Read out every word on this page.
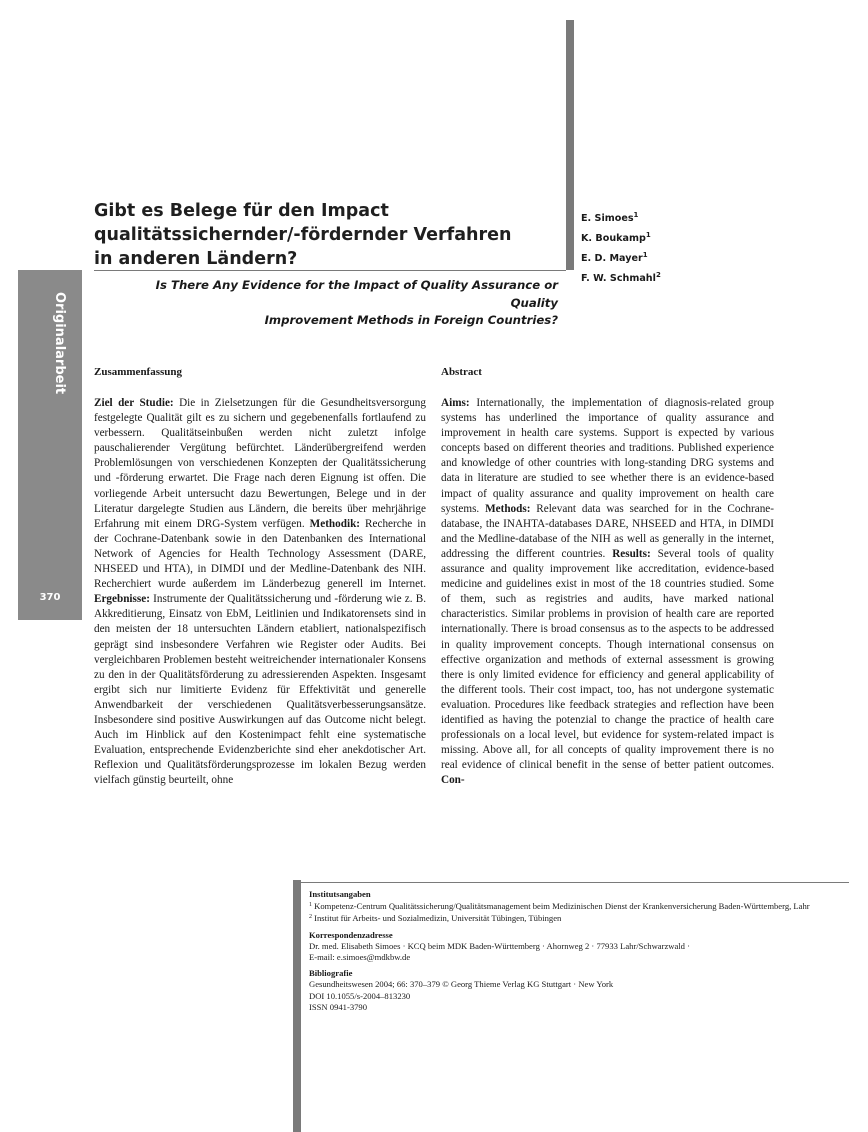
Originalarbeit
370
Gibt es Belege für den Impact
qualitätssichernder/-fördernder Verfahren
in anderen Ländern?
E. Simoes$^1$
K. Boukamp$^1$
E. D. Mayer$^1$
F. W. Schmahl$^2$
Is There Any Evidence for the Impact of Quality Assurance or Quality
Improvement Methods in Foreign Countries?
Zusammenfassung	Abstract
Ziel der Studie: Die in Zielsetzungen für die Gesundheitsversorgung festgelegte Qualität gilt es zu sichern und gegebenenfalls fortlaufend zu verbessern. Qualitätseinbußen werden nicht zuletzt infolge pauschalierender Vergütung befürchtet. Länderübergreifend werden Problemlösungen von verschiedenen Konzepten der Qualitätssicherung und -förderung erwartet. Die Frage nach deren Eignung ist offen. Die vorliegende Arbeit untersucht dazu Bewertungen, Belege und in der Literatur dargelegte Studien aus Ländern, die bereits über mehrjährige Erfahrung mit einem DRG-System verfügen. Methodik: Recherche in der Cochrane-Datenbank sowie in den Datenbanken des International Network of Agencies for Health Technology Assessment (DARE, NHSEED und HTA), in DIMDI und der Medline-Datenbank des NIH. Recherchiert wurde außerdem im Länderbezug generell im Internet. Ergebnisse: Instrumente der Qualitätssicherung und -förderung wie z. B. Akkreditierung, Einsatz von EbM, Leitlinien und Indikatorensets sind in den meisten der 18 untersuchten Ländern etabliert, nationalspezifisch geprägt sind insbesondere Verfahren wie Register oder Audits. Bei vergleichbaren Problemen besteht weitreichender internationaler Konsens zu den in der Qualitätsförderung zu adressierenden Aspekten. Insgesamt ergibt sich nur limitierte Evidenz für Effektivität und generelle Anwendbarkeit der verschiedenen Qualitätsverbesserungsansätze. Insbesondere sind positive Auswirkungen auf das Outcome nicht belegt. Auch im Hinblick auf den Kostenimpact fehlt eine systematische Evaluation, entsprechende Evidenzberichte sind eher anekdotischer Art. Reflexion und Qualitätsförderungsprozesse im lokalen Bezug werden vielfach günstig beurteilt, ohne
Aims: Internationally, the implementation of diagnosis-related group systems has underlined the importance of quality assurance and improvement in health care systems. Support is expected by various concepts based on different theories and traditions. Published experience and knowledge of other countries with long-standing DRG systems and data in literature are studied to see whether there is an evidence-based impact of quality assurance and quality improvement on health care systems. Methods: Relevant data was searched for in the Cochrane-database, the INAHTA-databases DARE, NHSEED and HTA, in DIMDI and the Medline-database of the NIH as well as generally in the internet, addressing the different countries. Results: Several tools of quality assurance and quality improvement like accreditation, evidence-based medicine and guidelines exist in most of the 18 countries studied. Some of them, such as registries and audits, have marked national characteristics. Similar problems in provision of health care are reported internationally. There is broad consensus as to the aspects to be addressed in quality improvement concepts. Though international consensus on effective organization and methods of external assessment is growing there is only limited evidence for efficiency and general applicability of the different tools. Their cost impact, too, has not undergone systematic evaluation. Procedures like feedback strategies and reflection have been identified as having the potenzial to change the practice of health care professionals on a local level, but evidence for system-related impact is missing. Above all, for all concepts of quality improvement there is no real evidence of clinical benefit in the sense of better patient outcomes. Con-
Institutsangaben
$^1$ Kompetenz-Centrum Qualitätssicherung/Qualitätsmanagement beim Medizinischen Dienst der Krankenversicherung Baden-Württemberg, Lahr
$^2$ Institut für Arbeits- und Sozialmedizin, Universität Tübingen, Tübingen
Korrespondenzadresse
Dr. med. Elisabeth Simoes · KCQ beim MDK Baden-Württemberg · Ahornweg 2 · 77933 Lahr/Schwarzwald ·
E-mail: e.simoes@mdkbw.de
Bibliografie
Gesundheitswesen 2004; 66: 370–379 © Georg Thieme Verlag KG Stuttgart · New York
DOI 10.1055/s-2004–813230
ISSN 0941-3790
